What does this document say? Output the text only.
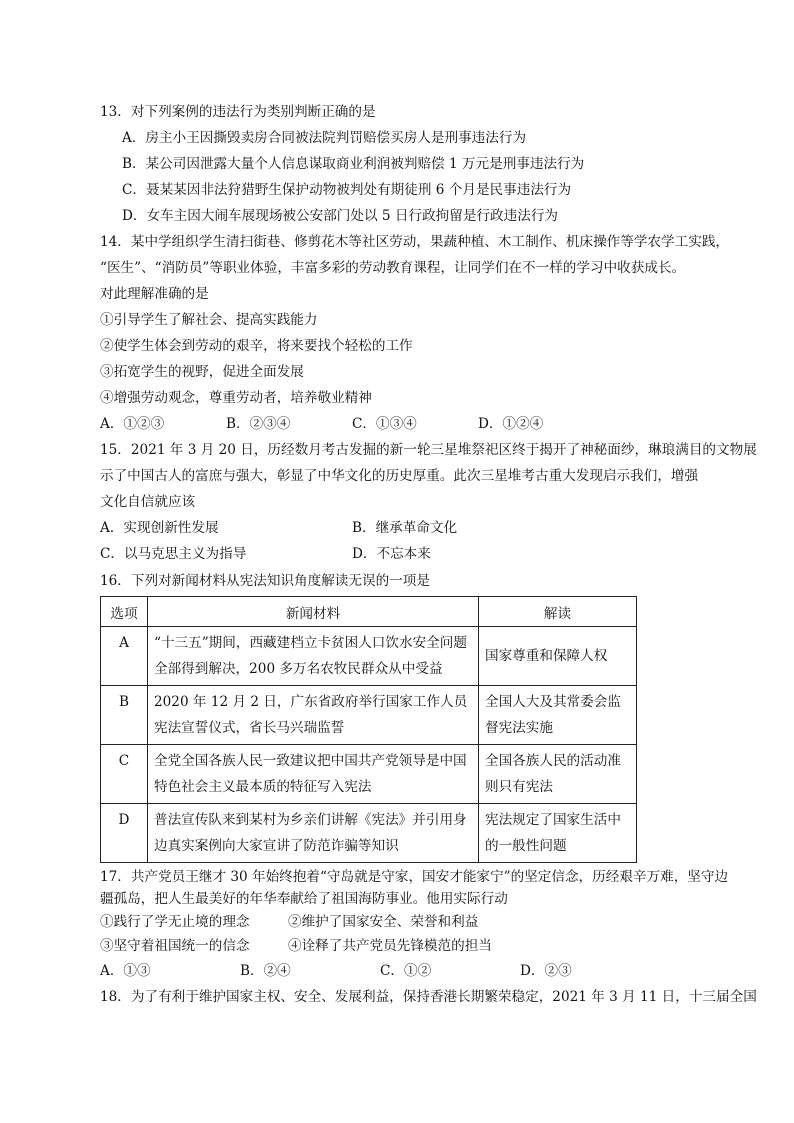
13．对下列案例的违法行为类别判断正确的是
A．房主小王因撕毁卖房合同被法院判罚赔偿买房人是刑事违法行为
B．某公司因泄露大量个人信息谋取商业利润被判赔偿 1 万元是刑事违法行为
C．聂某某因非法狩猎野生保护动物被判处有期徒刑 6 个月是民事违法行为
D．女车主因大闹车展现场被公安部门处以 5 日行政拘留是行政违法行为
14．某中学组织学生清扫街巷、修剪花木等社区劳动，果蔬种植、木工制作、机床操作等学农学工实践，
“医生”、“消防员”等职业体验，丰富多彩的劳动教育课程，让同学们在不一样的学习中收获成长。
对此理解准确的是
①引导学生了解社会、提高实践能力
②使学生体会到劳动的艰辛，将来要找个轻松的工作
③拓宽学生的视野，促进全面发展
④增强劳动观念，尊重劳动者，培养敬业精神
A．①②③	B．②③④	C．①③④	D．①②④
15．2021 年 3 月 20 日，历经数月考古发掘的新一轮三星堆祭祀区终于揭开了神秘面纱，琳琅满目的文物展
示了中国古人的富庶与强大，彰显了中华文化的历史厚重。此次三星堆考古重大发现启示我们，增强
文化自信就应该
A．实现创新性发展	B．继承革命文化
C．以马克思主义为指导	D．不忘本来
16．下列对新闻材料从宪法知识角度解读无误的一项是
选项	新闻材料	解读
A	“十三五”期间，西藏建档立卡贫困人口饮水安全问题全部得到解决，200 多万名农牧民群众从中受益	国家尊重和保障人权
B	2020 年 12 月 2 日，广东省政府举行国家工作人员宪法宣誓仪式，省长马兴瑞监誓	全国人大及其常委会监督宪法实施
C	全党全国各族人民一致建议把中国共产党领导是中国特色社会主义最本质的特征写入宪法	全国各族人民的活动准则只有宪法
D	普法宣传队来到某村为乡亲们讲解《宪法》并引用身边真实案例向大家宣讲了防范诈骗等知识	宪法规定了国家生活中的一般性问题
17．共产党员王继才 30 年始终抱着“守岛就是守家，国安才能家宁”的坚定信念，历经艰辛万难，坚守边
疆孤岛，把人生最美好的年华奉献给了祖国海防事业。他用实际行动
①践行了学无止境的理念	②维护了国家安全、荣誉和利益
③坚守着祖国统一的信念	④诠释了共产党员先锋模范的担当
A．①③	B．②④	C．①②	D．②③
18．为了有利于维护国家主权、安全、发展利益，保持香港长期繁荣稳定，2021 年 3 月 11 日，十三届全国
